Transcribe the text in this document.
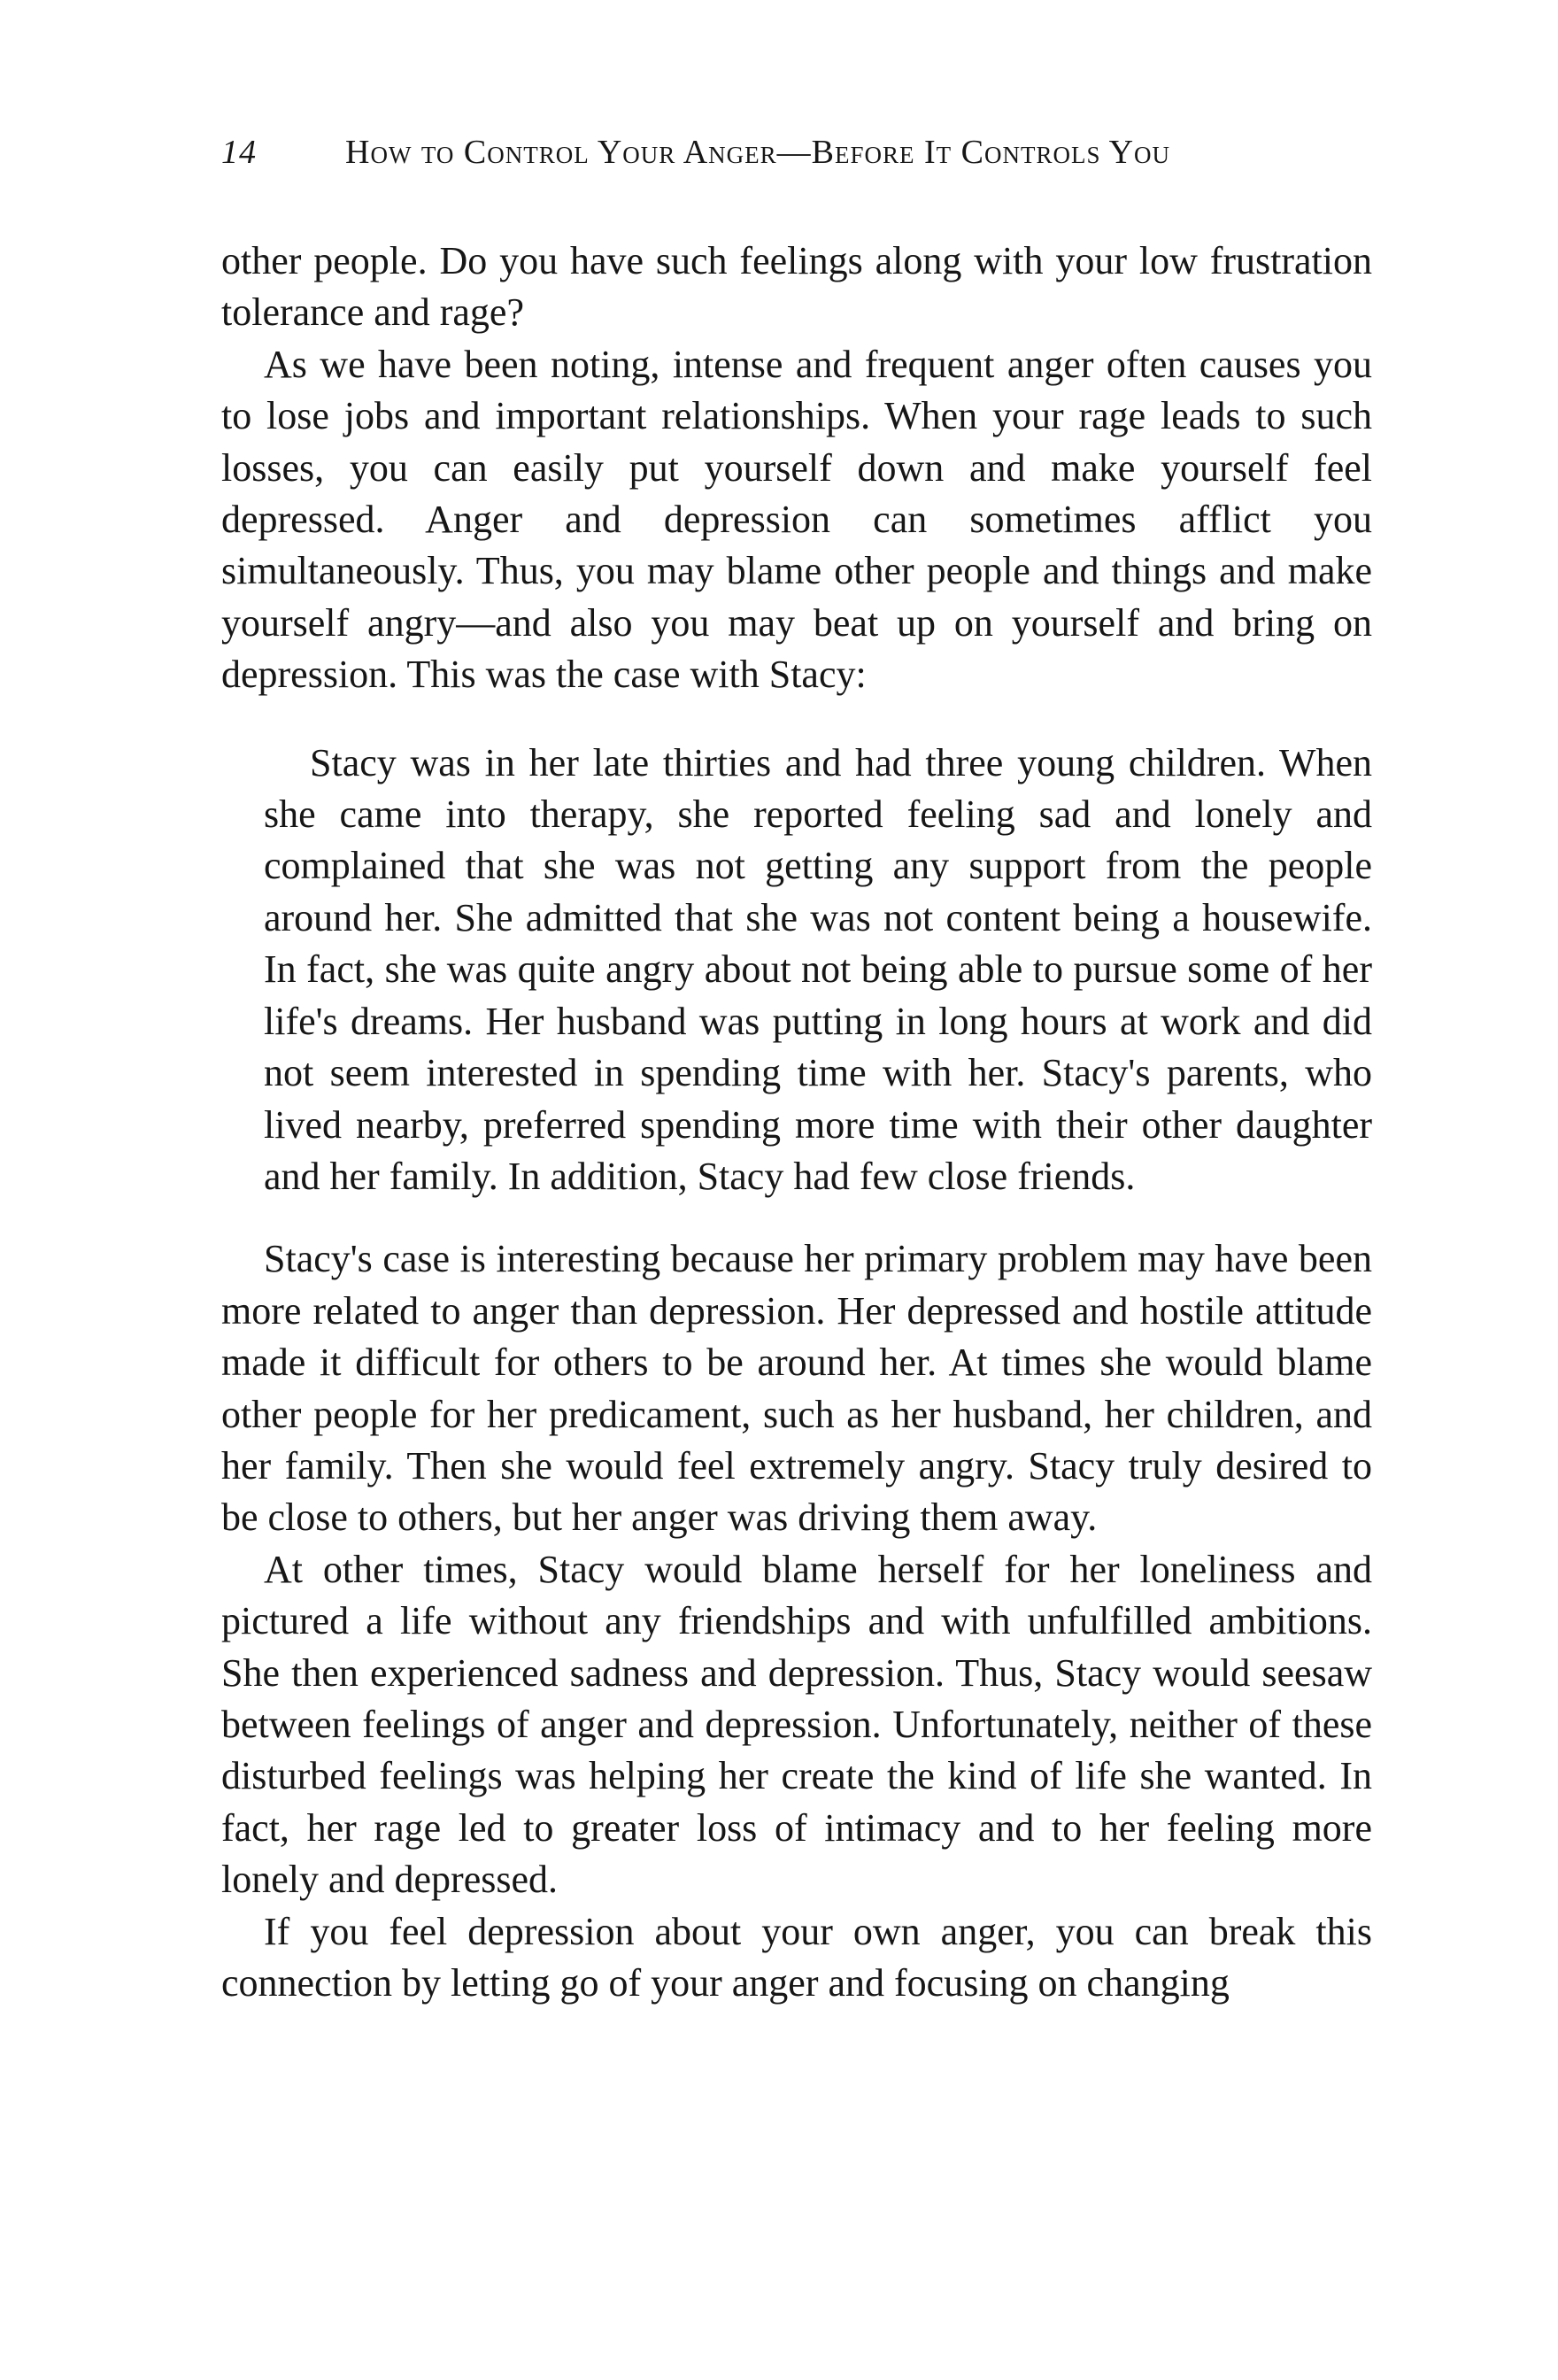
14	How to Control Your Anger—Before It Controls You

other people. Do you have such feelings along with your low frustration tolerance and rage?

As we have been noting, intense and frequent anger often causes you to lose jobs and important relationships. When your rage leads to such losses, you can easily put yourself down and make yourself feel depressed. Anger and depression can sometimes afflict you simultaneously. Thus, you may blame other people and things and make yourself angry—and also you may beat up on yourself and bring on depression. This was the case with Stacy:

Stacy was in her late thirties and had three young children. When she came into therapy, she reported feeling sad and lonely and complained that she was not getting any support from the people around her. She admitted that she was not content being a housewife. In fact, she was quite angry about not being able to pursue some of her life's dreams. Her husband was putting in long hours at work and did not seem interested in spending time with her. Stacy's parents, who lived nearby, preferred spending more time with their other daughter and her family. In addition, Stacy had few close friends.

Stacy's case is interesting because her primary problem may have been more related to anger than depression. Her depressed and hostile attitude made it difficult for others to be around her. At times she would blame other people for her predicament, such as her husband, her children, and her family. Then she would feel extremely angry. Stacy truly desired to be close to others, but her anger was driving them away.

At other times, Stacy would blame herself for her loneliness and pictured a life without any friendships and with unfulfilled ambitions. She then experienced sadness and depression. Thus, Stacy would seesaw between feelings of anger and depression. Unfortunately, neither of these disturbed feelings was helping her create the kind of life she wanted. In fact, her rage led to greater loss of intimacy and to her feeling more lonely and depressed.

If you feel depression about your own anger, you can break this connection by letting go of your anger and focusing on changing
